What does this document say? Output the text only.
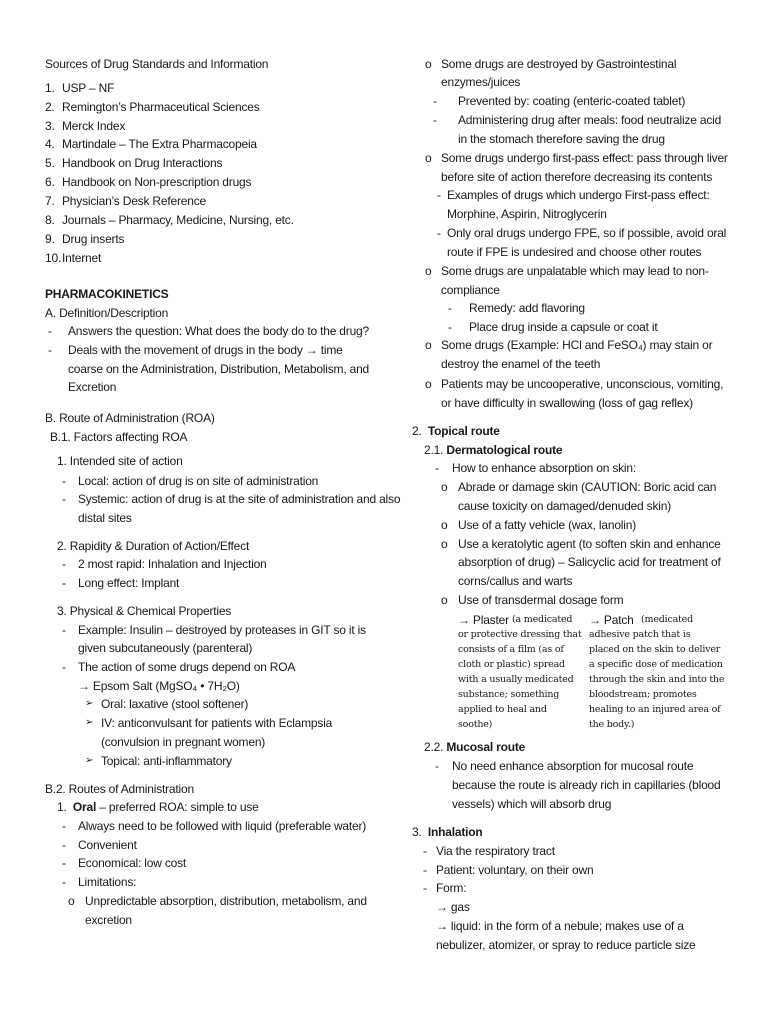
Sources of Drug Standards and Information
1. USP – NF
2. Remington’s Pharmaceutical Sciences
3. Merck Index
4. Martindale – The Extra Pharmacopeia
5. Handbook on Drug Interactions
6. Handbook on Non-prescription drugs
7. Physician’s Desk Reference
8. Journals – Pharmacy, Medicine, Nursing, etc.
9. Drug inserts
10. Internet
PHARMACOKINETICS
A. Definition/Description
- Answers the question: What does the body do to the drug?
- Deals with the movement of drugs in the body → time
coarse on the Administration, Distribution, Metabolism, and
Excretion
B. Route of Administration (ROA)
B.1. Factors affecting ROA
1. Intended site of action
- Local: action of drug is on site of administration
- Systemic: action of drug is at the site of administration and also
distal sites
2. Rapidity & Duration of Action/Effect
- 2 most rapid: Inhalation and Injection
- Long effect: Implant
3. Physical & Chemical Properties
- Example: Insulin – destroyed by proteases in GIT so it is
given subcutaneously (parenteral)
- The action of some drugs depend on ROA
→ Epsom Salt (MgSO₄ • 7H₂O)
➢ Oral: laxative (stool softener)
➢ IV: anticonvulsant for patients with Eclampsia
(convulsion in pregnant women)
➢ Topical: anti-inflammatory
B.2. Routes of Administration
1. Oral – preferred ROA: simple to use
- Always need to be followed with liquid (preferable water)
- Convenient
- Economical: low cost
- Limitations:
o Unpredictable absorption, distribution, metabolism, and
excretion
o Some drugs are destroyed by Gastrointestinal
enzymes/juices
- Prevented by: coating (enteric-coated tablet)
- Administering drug after meals: food neutralize acid
in the stomach therefore saving the drug
o Some drugs undergo first-pass effect: pass through liver
before site of action therefore decreasing its contents
- Examples of drugs which undergo First-pass effect:
Morphine, Aspirin, Nitroglycerin
- Only oral drugs undergo FPE, so if possible, avoid oral
route if FPE is undesired and choose other routes
o Some drugs are unpalatable which may lead to non-
compliance
- Remedy: add flavoring
- Place drug inside a capsule or coat it
o Some drugs (Example: HCl and FeSO₄) may stain or
destroy the enamel of the teeth
o Patients may be uncooperative, unconscious, vomiting,
or have difficulty in swallowing (loss of gag reflex)
2. Topical route
2.1. Dermatological route
- How to enhance absorption on skin:
o Abrade or damage skin (CAUTION: Boric acid can
cause toxicity on damaged/denuded skin)
o Use of a fatty vehicle (wax, lanolin)
o Use a keratolytic agent (to soften skin and enhance
absorption of drug) – Salicyclic acid for treatment of
corns/callus and warts
o Use of transdermal dosage form
→ Plaster (a medicated
or protective dressing that
consists of a film (as of
cloth or plastic) spread
with a usually medicated
substance; something
applied to heal and
soothe)
→ Patch (medicated
adhesive patch that is
placed on the skin to deliver
a specific dose of medication
through the skin and into the
bloodstream; promotes
healing to an injured area of
the body.)
2.2. Mucosal route
- No need enhance absorption for mucosal route
because the route is already rich in capillaries (blood
vessels) which will absorb drug
3. Inhalation
- Via the respiratory tract
- Patient: voluntary, on their own
- Form:
→ gas
→ liquid: in the form of a nebule; makes use of a
nebulizer, atomizer, or spray to reduce particle size
